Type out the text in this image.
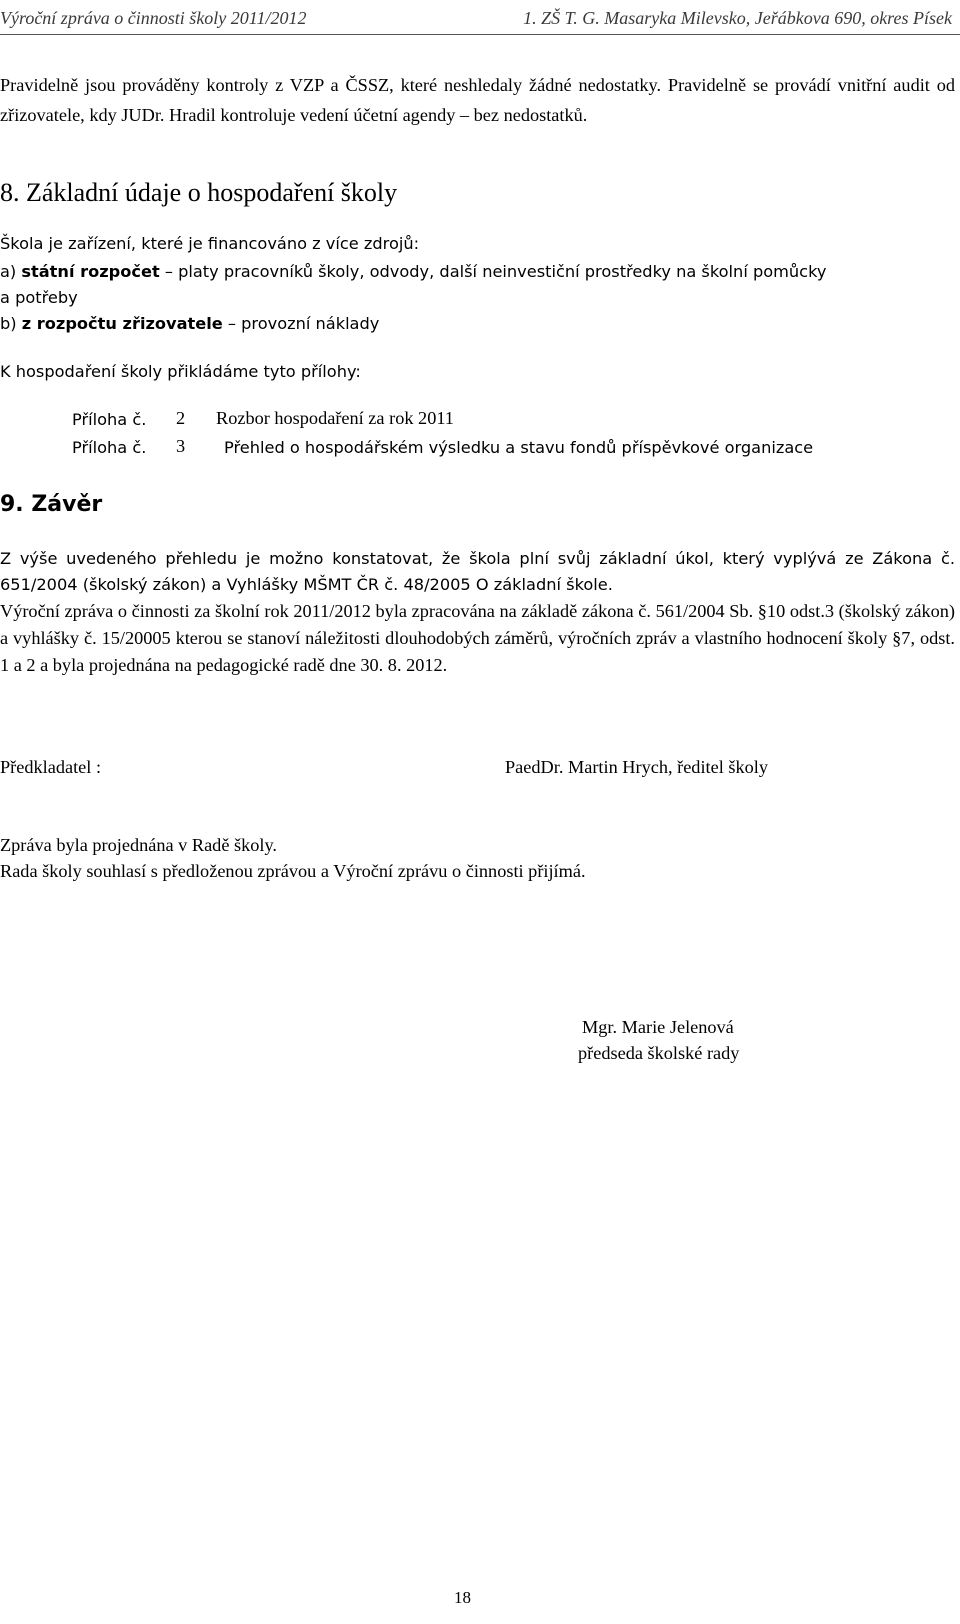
Výroční zpráva o činnosti školy 2011/2012	1. ZŠ T. G. Masaryka Milevsko, Jeřábkova 690, okres Písek

Pravidelně jsou prováděny kontroly z VZP a ČSSZ, které neshledaly žádné nedostatky. Pravidelně se provádí vnitřní audit od zřizovatele, kdy JUDr. Hradil kontroluje vedení účetní agendy – bez nedostatků.

8. Základní údaje o hospodaření školy
Škola je zařízení, které je financováno z více zdrojů:
a) státní rozpočet – platy pracovníků školy, odvody, další neinvestiční prostředky na školní pomůcky
a potřeby
b) z rozpočtu zřizovatele – provozní náklady
K hospodaření školy přikládáme tyto přílohy:
Příloha č. 2 Rozbor hospodaření za rok 2011
Příloha č. 3 Přehled o hospodářském výsledku a stavu fondů příspěvkové organizace
9. Závěr

Z výše uvedeného přehledu je možno konstatovat, že škola plní svůj základní úkol, který vyplývá ze Zákona č. 651/2004 (školský zákon) a Vyhlášky MŠMT ČR č. 48/2005 O základní škole.

Výroční zpráva o činnosti za školní rok 2011/2012 byla zpracována na základě zákona č. 561/2004 Sb. §10 odst.3 (školský zákon) a vyhlášky č. 15/20005 kterou se stanoví náležitosti dlouhodobých záměrů, výročních zpráv a vlastního hodnocení školy §7, odst. 1 a 2 a byla projednána na pedagogické radě dne 30. 8. 2012.

Předkladatel :	PaedDr. Martin Hrych, ředitel školy
Zpráva byla projednána v Radě školy.
Rada školy souhlasí s předloženou zprávou a Výroční zprávu o činnosti přijímá.
Mgr. Marie Jelenová
předseda školské rady
18
